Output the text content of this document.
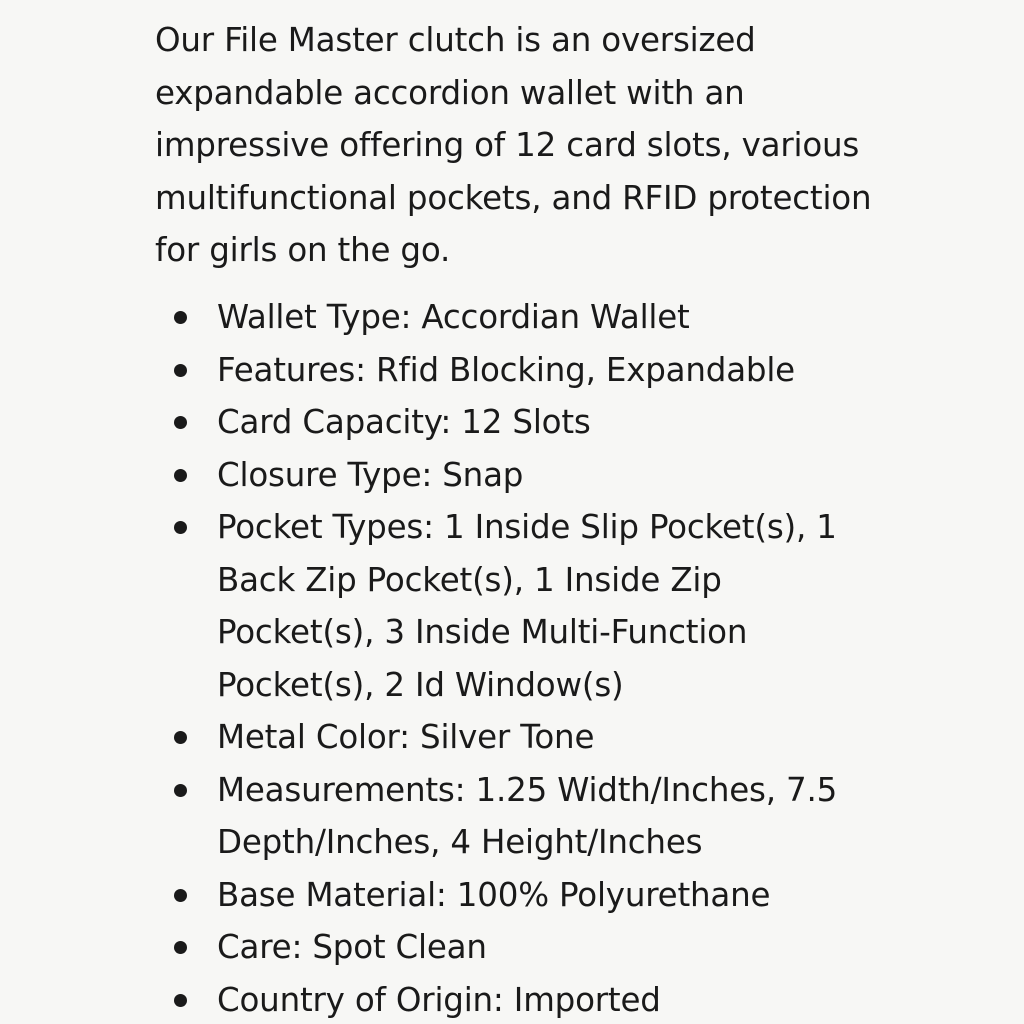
Our File Master clutch is an oversized expandable accordion wallet with an impressive offering of 12 card slots, various multifunctional pockets, and RFID protection for girls on the go.

Wallet Type: Accordian Wallet
Features: Rfid Blocking, Expandable
Card Capacity: 12 Slots
Closure Type: Snap
Pocket Types: 1 Inside Slip Pocket(s), 1 Back Zip Pocket(s), 1 Inside Zip Pocket(s), 3 Inside Multi-Function Pocket(s), 2 Id Window(s)
Metal Color: Silver Tone
Measurements: 1.25 Width/Inches, 7.5 Depth/Inches, 4 Height/Inches
Base Material: 100% Polyurethane
Care: Spot Clean
Country of Origin: Imported
